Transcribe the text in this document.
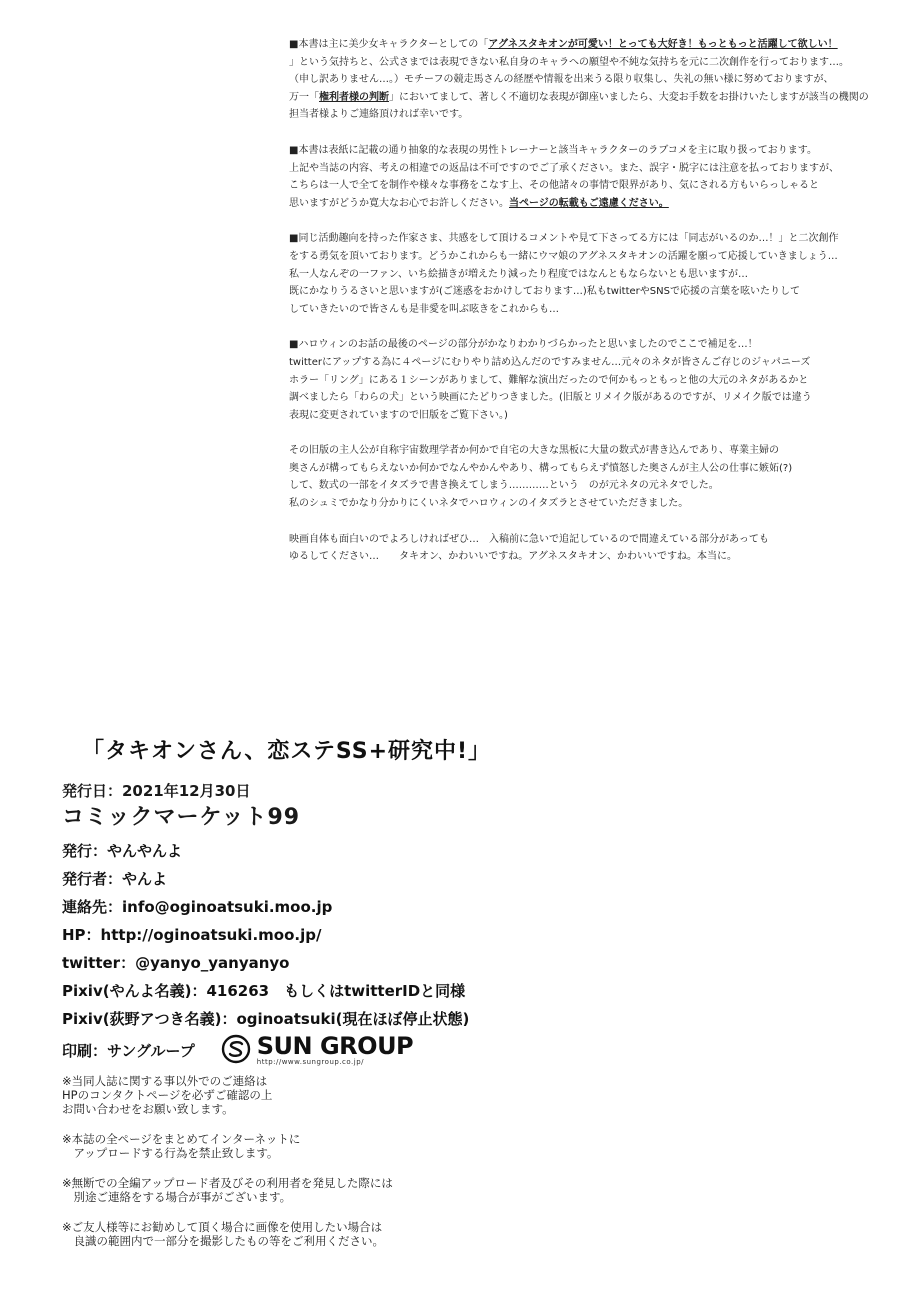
■本書は主に美少女キャラクターとしての「アグネスタキオンが可愛い！とっても大好き！もっともっと活躍して欲しい！
」という気持ちと、公式さまでは表現できない私自身のキャラへの願望や不純な気持ちを元に二次創作を行っております…。
（申し訳ありません…。）モチーフの競走馬さんの経歴や情報を出来うる限り収集し、失礼の無い様に努めておりますが、
万一「権利者様の判断」においてまして、著しく不適切な表現が御座いましたら、大変お手数をお掛けいたしますが該当の機関の
担当者様よりご連絡頂ければ幸いです。

■本書は表紙に記載の通り抽象的な表現の男性トレーナーと該当キャラクターのラブコメを主に取り扱っております。
上記や当誌の内容、考えの相違での返品は不可ですのでご了承ください。また、誤字・脱字には注意を払っておりますが、
こちらは一人で全てを制作や様々な事務をこなす上、その他諸々の事情で限界があり、気にされる方もいらっしゃると
思いますがどうか寛大なお心でお許しください。当ページの転載もご遠慮ください。

■同じ活動趣向を持った作家さま、共感をして頂けるコメントや見て下さってる方には「同志がいるのか…！」と二次創作
をする勇気を頂いております。どうかこれからも一緒にウマ娘のアグネスタキオンの活躍を願って応援していきましょう…
私一人なんぞの一ファン、いち絵描きが増えたり減ったり程度ではなんともならないとも思いますが…
既にかなりうるさいと思いますが(ご迷惑をおかけしております…)私もtwitterやSNSで応援の言葉を呟いたりして
していきたいので皆さんも是非愛を叫ぶ呟きをこれからも…

■ハロウィンのお話の最後のページの部分がかなりわかりづらかったと思いましたのでここで補足を…！
twitterにアップする為に４ページにむりやり詰め込んだのですみません…元々のネタが皆さんご存じのジャパニーズ
ホラー「リング」にある１シーンがありまして、難解な演出だったので何かもっともっと他の大元のネタがあるかと
調べましたら「わらの犬」という映画にたどりつきました。(旧版とリメイク版があるのですが、リメイク版では違う
表現に変更されていますので旧版をご覧下さい。)

その旧版の主人公が自称宇宙数理学者か何かで自宅の大きな黒板に大量の数式が書き込んであり、専業主婦の
奥さんが構ってもらえないか何かでなんやかんやあり、構ってもらえず憤怒した奥さんが主人公の仕事に嫉妬(?)
して、数式の一部をイタズラで書き換えてしまう…………という　のが元ネタの元ネタでした。
私のシュミでかなり分かりにくいネタでハロウィンのイタズラとさせていただきました。

映画自体も面白いのでよろしければぜひ…　入稿前に急いで追記しているので間違えている部分があっても
ゆるしてください…　　タキオン、かわいいですね。アグネスタキオン、かわいいですね。本当に。

「タキオンさん、恋ステSS+研究中!」
発行日：2021年12月30日
コミックマーケット99
発行：やんやんよ
発行者：やんよ
連絡先：info@oginoatsuki.moo.jp
HP：http://oginoatsuki.moo.jp/
twitter：@yanyo_yanyanyo
Pixiv(やんよ名義)：416263　もしくはtwitterIDと同様
Pixiv(荻野アつき名義)：oginoatsuki(現在ほぼ停止状態)
印刷：サングループ	SUN GROUP
http://www.sungroup.co.jp/
※当同人誌に関する事以外でのご連絡は
HPのコンタクトページを必ずご確認の上
お問い合わせをお願い致します。
※本誌の全ページをまとめてインターネットに
　アップロードする行為を禁止致します。
※無断での全編アップロード者及びその利用者を発見した際には
　別途ご連絡をする場合が事がございます。
※ご友人様等にお勧めして頂く場合に画像を使用したい場合は
　良識の範囲内で一部分を撮影したもの等をご利用ください。
